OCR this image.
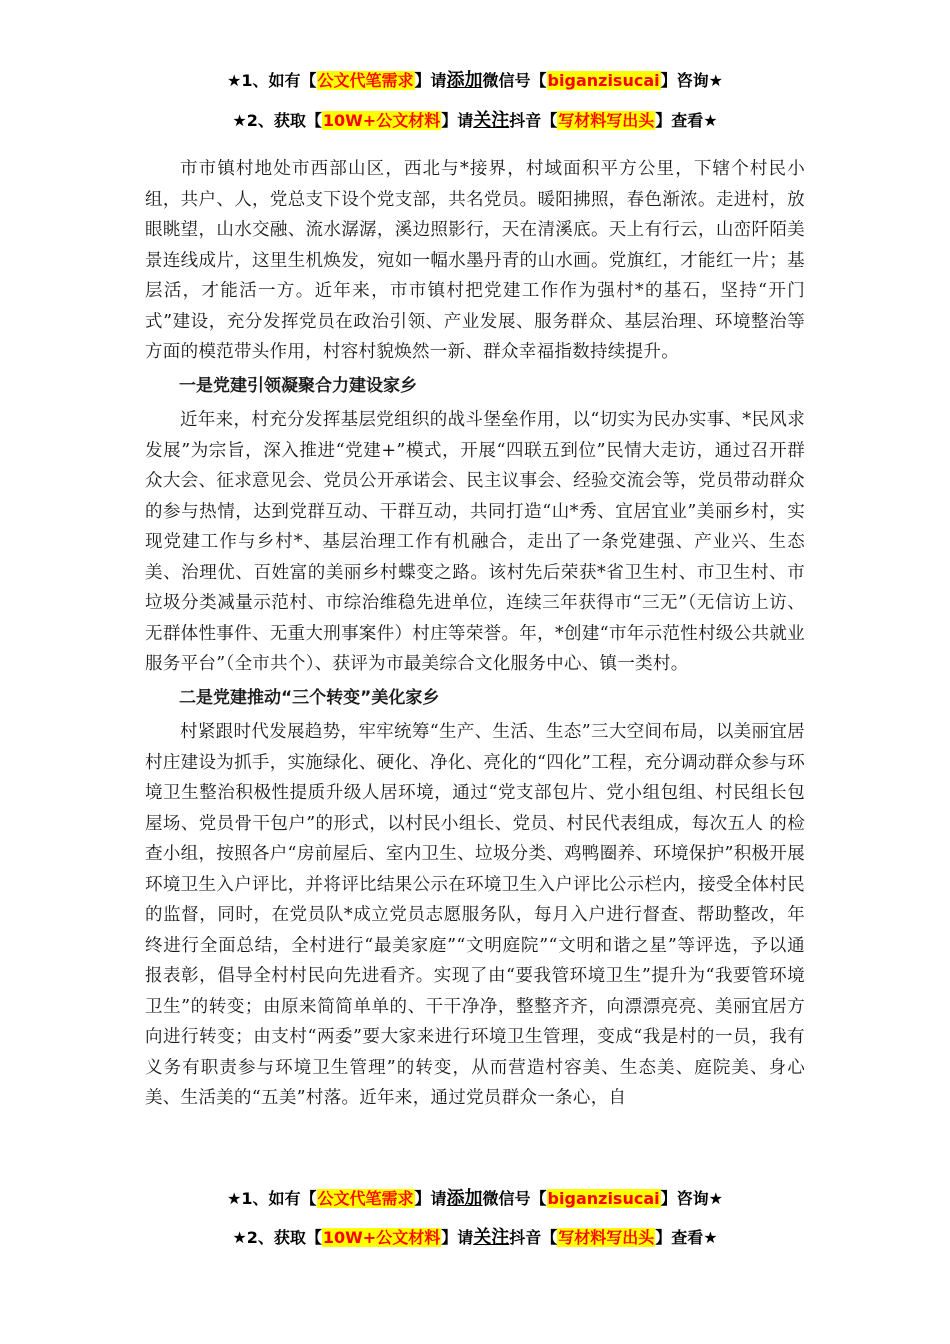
★1、如有【公文代笔需求】请添加微信号【biganzisucai】咨询★
★2、获取【10W+公文材料】请关注抖音【写材料写出头】查看★

市市镇村地处市西部山区，西北与*接界，村域面积平方公里，下辖个村民小组，共户、人，党总支下设个党支部，共名党员。暖阳拂照，春色渐浓。走进村，放眼眺望，山水交融、流水潺潺，溪边照影行，天在清溪底。天上有行云，山峦阡陌美景连线成片，这里生机焕发，宛如一幅水墨丹青的山水画。党旗红，才能红一片；基层活，才能活一方。近年来，市市镇村把党建工作作为强村*的基石，坚持“开门式”建设，充分发挥党员在政治引领、产业发展、服务群众、基层治理、环境整治等方面的模范带头作用，村容村貌焕然一新、群众幸福指数持续提升。

一是党建引领凝聚合力建设家乡

近年来，村充分发挥基层党组织的战斗堡垒作用，以“切实为民办实事、*民风求发展”为宗旨，深入推进“党建+”模式，开展“四联五到位”民情大走访，通过召开群众大会、征求意见会、党员公开承诺会、民主议事会、经验交流会等，党员带动群众的参与热情，达到党群互动、干群互动，共同打造“山*秀、宜居宜业”美丽乡村，实现党建工作与乡村*、基层治理工作有机融合，走出了一条党建强、产业兴、生态美、治理优、百姓富的美丽乡村蝶变之路。该村先后荣获*省卫生村、市卫生村、市垃圾分类减量示范村、市综治维稳先进单位，连续三年获得市“三无”（无信访上访、无群体性事件、无重大刑事案件）村庄等荣誉。年，*创建“市年示范性村级公共就业服务平台”（全市共个）、获评为市最美综合文化服务中心、镇一类村。

二是党建推动“三个转变”美化家乡

村紧跟时代发展趋势，牢牢统筹“生产、生活、生态”三大空间布局，以美丽宜居村庄建设为抓手，实施绿化、硬化、净化、亮化的“四化”工程，充分调动群众参与环境卫生整治积极性提质升级人居环境，通过“党支部包片、党小组包组、村民组长包屋场、党员骨干包户”的形式，以村民小组长、党员、村民代表组成，每次五人 的检查小组，按照各户“房前屋后、室内卫生、垃圾分类、鸡鸭圈养、环境保护”积极开展环境卫生入户评比，并将评比结果公示在环境卫生入户评比公示栏内，接受全体村民的监督，同时，在党员队*成立党员志愿服务队，每月入户进行督查、帮助整改，年终进行全面总结，全村进行“最美家庭”“文明庭院”“文明和谐之星”等评选，予以通报表彰，倡导全村村民向先进看齐。实现了由“要我管环境卫生”提升为“我要管环境卫生”的转变；由原来简简单单的、干干净净，整整齐齐，向漂漂亮亮、美丽宜居方向进行转变；由支村“两委”要大家来进行环境卫生管理，变成“我是村的一员，我有义务有职责参与环境卫生管理”的转变，从而营造村容美、生态美、庭院美、身心美、生活美的“五美”村落。近年来，通过党员群众一条心，自

★1、如有【公文代笔需求】请添加微信号【biganzisucai】咨询★
★2、获取【10W+公文材料】请关注抖音【写材料写出头】查看★
